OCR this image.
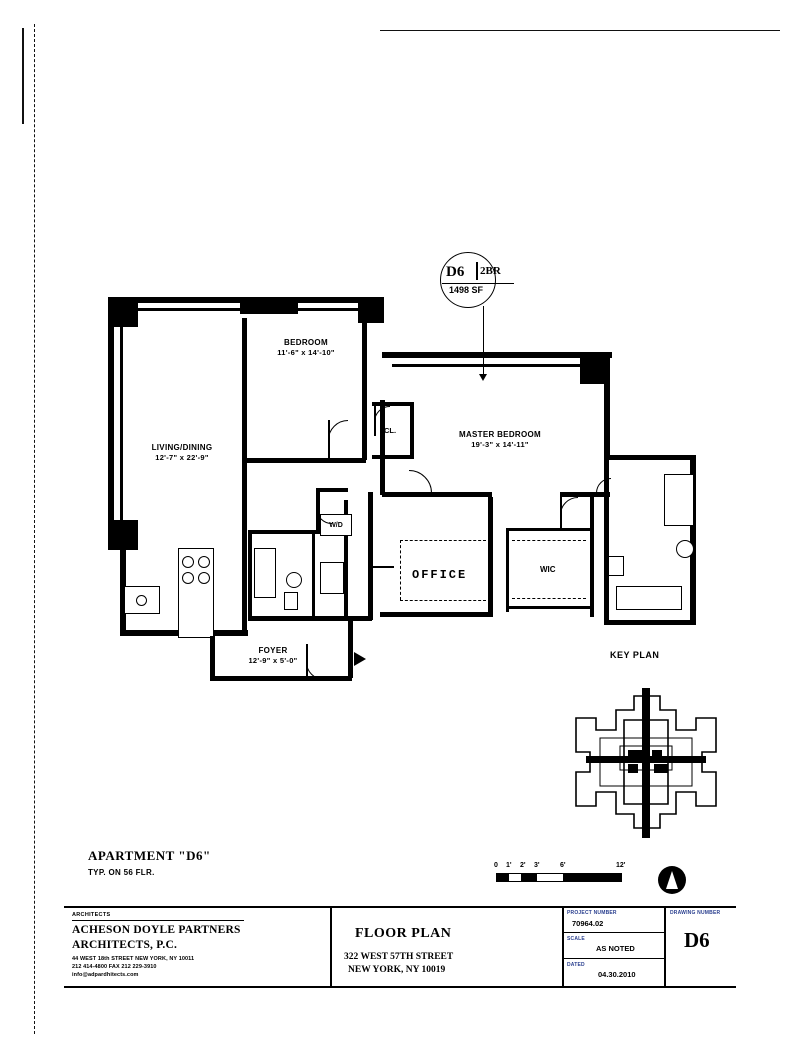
W/D
BEDROOM
11'-6" x 14'-10"
LIVING/DINING
12'-7" x 22'-9"
MASTER BEDROOM
19'-3" x 14'-11"
FOYER
12'-9" x 5'-0"
OFFICE	WIC
CL.
D6 2BR
1498 SF
KEY PLAN
0 1' 2' 3'	6'	12'
APARTMENT "D6"
TYP. ON 56 FLR.
ARCHITECTS
ACHESON DOYLE PARTNERS
ARCHITECTS, P.C.
44 WEST 18th STREET NEW YORK, NY 10011
212 414-4800 FAX 212 229-3910
info@adpardhitects.com
FLOOR PLAN
322 WEST 57TH STREET
NEW YORK, NY 10019
PROJECT NUMBER
70964.02
SCALE
AS NOTED
DATED
04.30.2010
DRAWING NUMBER
D6
